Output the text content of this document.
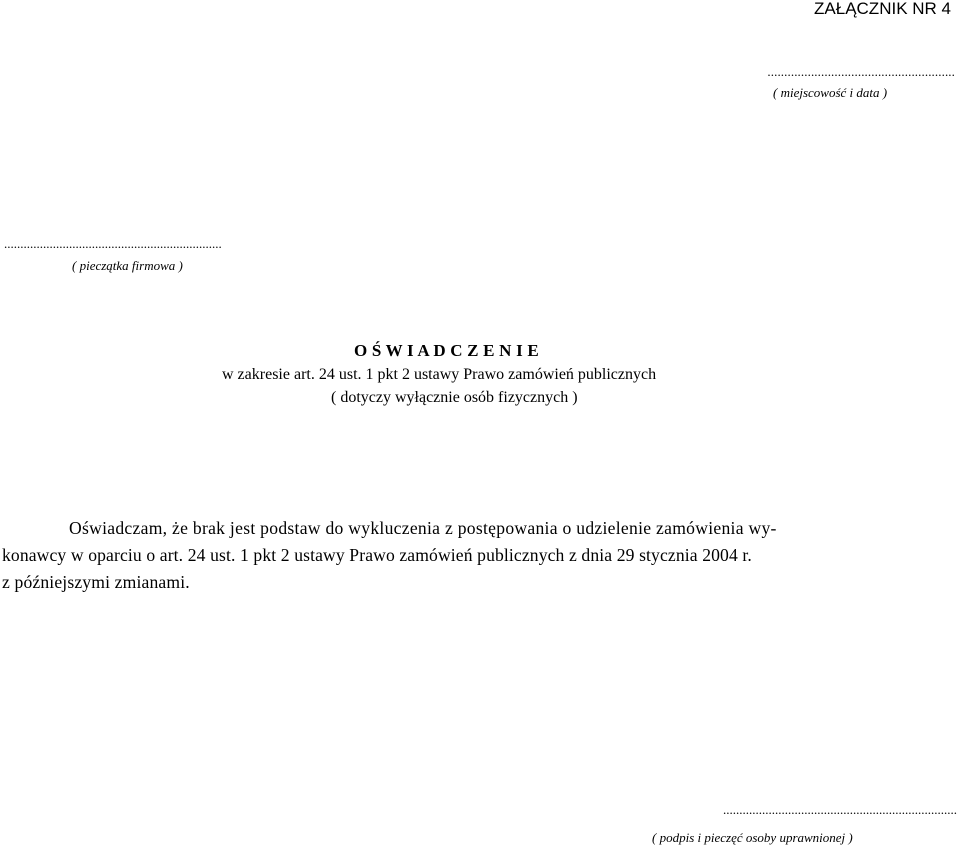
ZAŁĄCZNIK NR 4
........................................................
( miejscowość i data )
...................................................................
( pieczątka firmowa )
O Ś W I A D C Z E N I E
w zakresie art. 24 ust. 1 pkt 2 ustawy Prawo zamówień publicznych
( dotyczy wyłącznie osób fizycznych )
Oświadczam, że brak jest podstaw do wykluczenia z postępowania o udzielenie zamówienia wy-
konawcy w oparciu o art. 24 ust. 1 pkt 2 ustawy Prawo zamówień publicznych z dnia 29 stycznia 2004 r.
z późniejszymi zmianami.
........................................................................
( podpis i pieczęć osoby uprawnionej )
